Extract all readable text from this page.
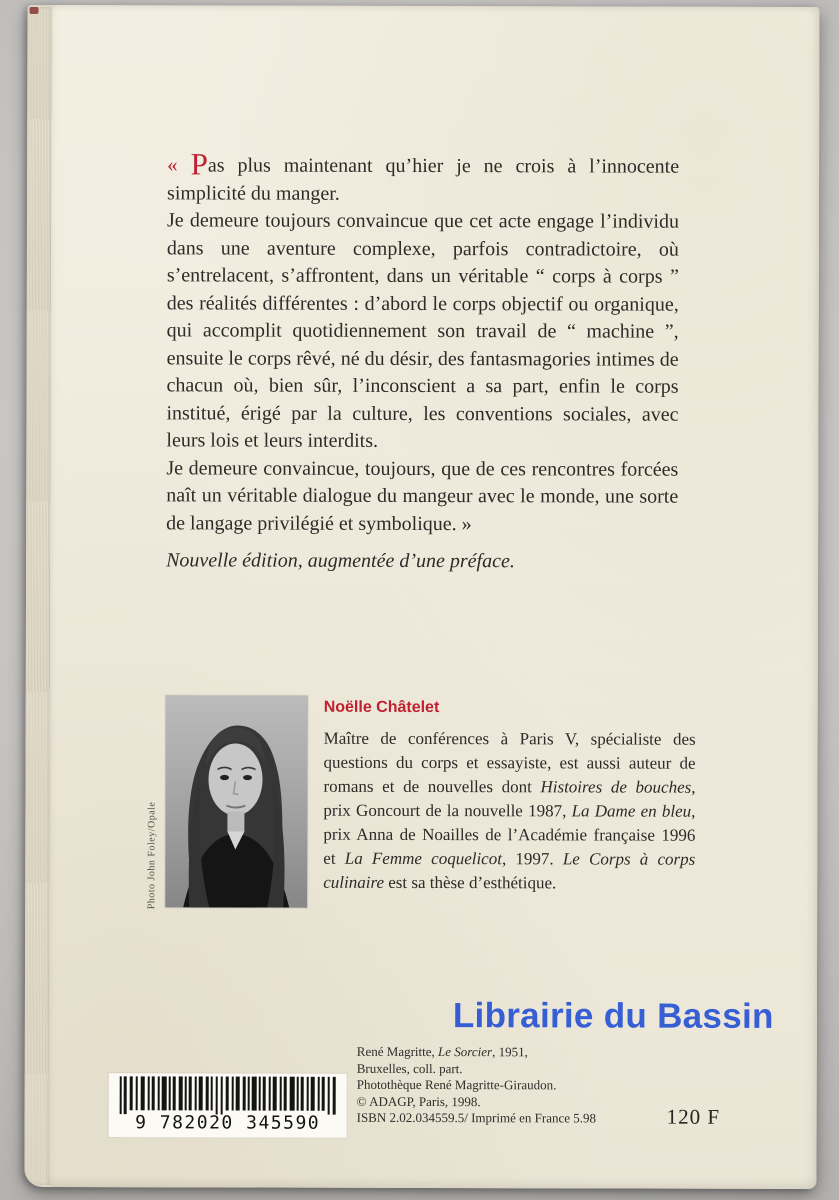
« Pas plus maintenant qu’hier je ne crois à l’innocente simplicité du manger.

Je demeure toujours convaincue que cet acte engage l’individu dans une aventure complexe, parfois contradictoire, où s’entrelacent, s’affrontent, dans un véritable “ corps à corps ” des réalités différentes : d’abord le corps objectif ou organique, qui accomplit quotidiennement son travail de “ machine ”, ensuite le corps rêvé, né du désir, des fantasmagories intimes de chacun où, bien sûr, l’inconscient a sa part, enfin le corps institué, érigé par la culture, les conventions sociales, avec leurs lois et leurs interdits.

Je demeure convaincue, toujours, que de ces rencontres forcées naît un véritable dialogue du mangeur avec le monde, une sorte de langage privilégié et symbolique. »

Nouvelle édition, augmentée d’une préface.

Photo John Foley/Opale
Noëlle Châtelet

Maître de conférences à Paris V, spécialiste des questions du corps et essayiste, est aussi auteur de romans et de nouvelles dont Histoires de bouches, prix Goncourt de la nouvelle 1987, La Dame en bleu, prix Anna de Noailles de l’Académie française 1996 et La Femme coquelicot, 1997. Le Corps à corps culinaire est sa thèse d’esthétique.

Librairie du Bassin
9 782020 345590
René Magritte, Le Sorcier, 1951,
Bruxelles, coll. part.
Photothèque René Magritte-Giraudon.
© ADAGP, Paris, 1998.
ISBN 2.02.034559.5/ Imprimé en France 5.98	120 F
